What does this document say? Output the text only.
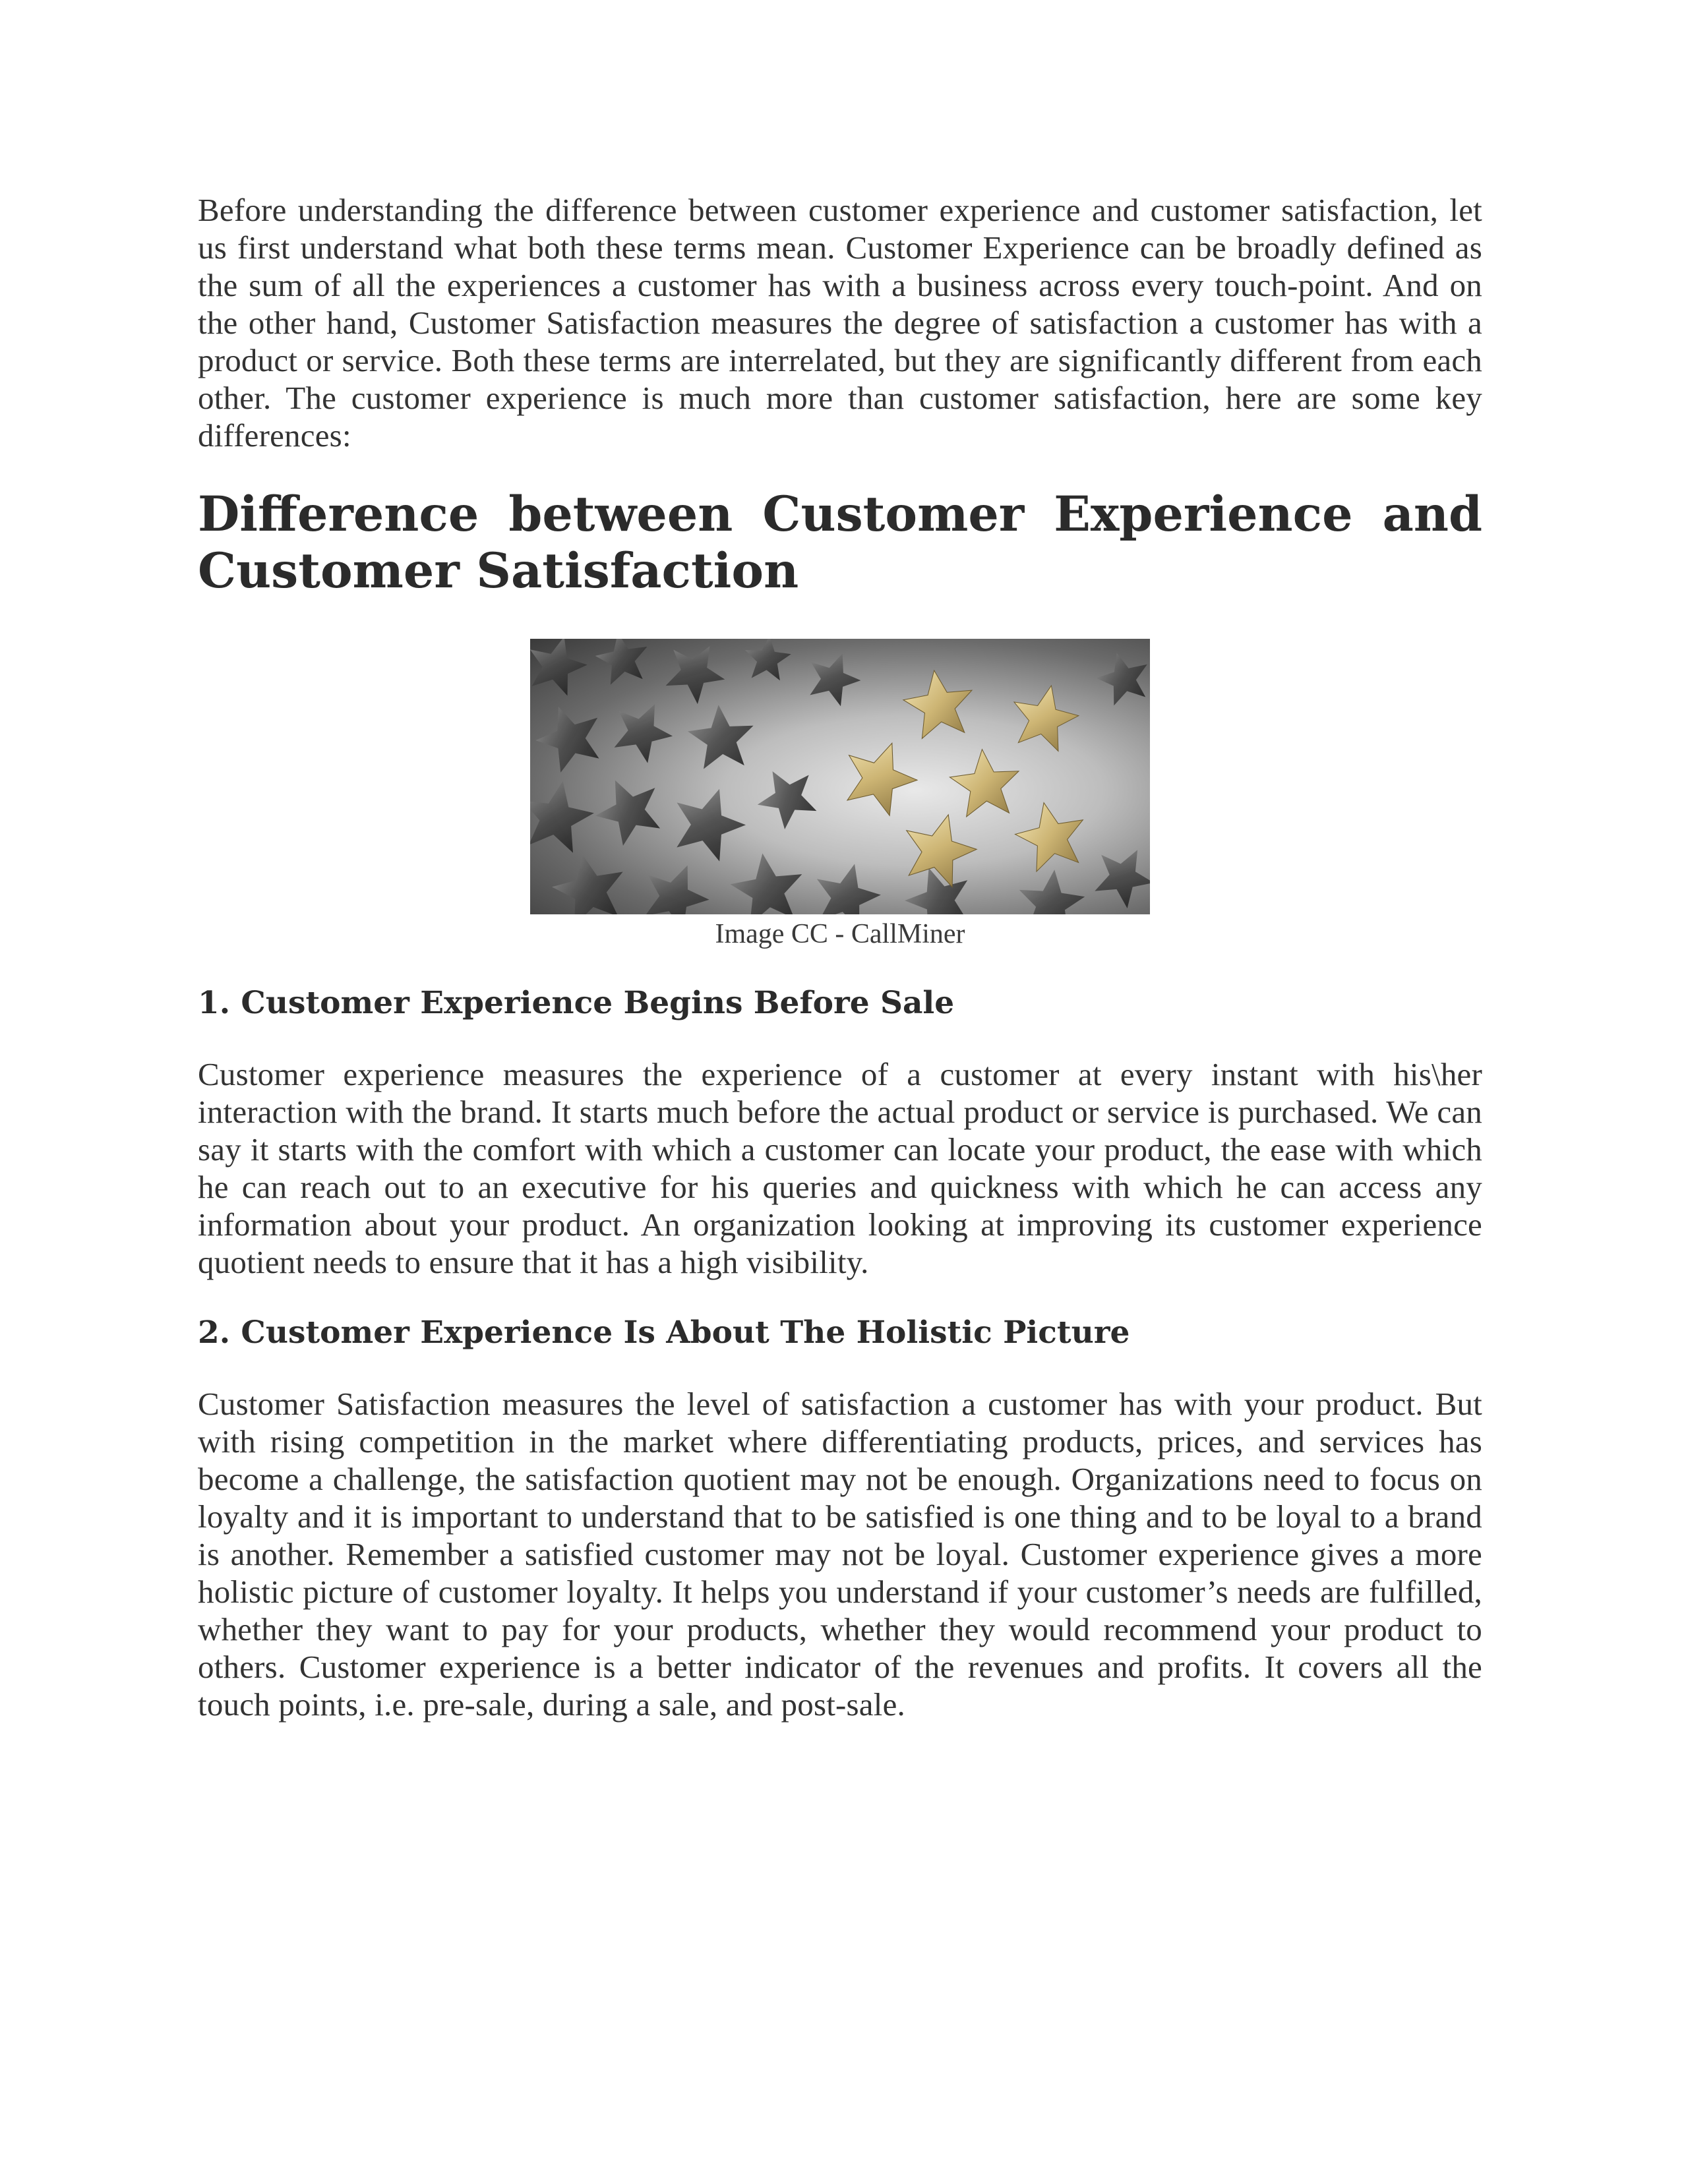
Before understanding the difference between customer experience and customer satisfaction, let us first understand what both these terms mean. Customer Experience can be broadly defined as the sum of all the experiences a customer has with a business across every touch-point. And on the other hand, Customer Satisfaction measures the degree of satisfaction a customer has with a product or service. Both these terms are interrelated, but they are significantly different from each other. The customer experience is much more than customer satisfaction, here are some key differences:

Difference between Customer Experience and
Customer Satisfaction
Image CC - CallMiner
1. Customer Experience Begins Before Sale

Customer experience measures the experience of a customer at every instant with his\her interaction with the brand. It starts much before the actual product or service is purchased. We can say it starts with the comfort with which a customer can locate your product, the ease with which he can reach out to an executive for his queries and quickness with which he can access any information about your product. An organization looking at improving its customer experience quotient needs to ensure that it has a high visibility.

2. Customer Experience Is About The Holistic Picture

Customer Satisfaction measures the level of satisfaction a customer has with your product. But with rising competition in the market where differentiating products, prices, and services has become a challenge, the satisfaction quotient may not be enough. Organizations need to focus on loyalty and it is important to understand that to be satisfied is one thing and to be loyal to a brand is another. Remember a satisfied customer may not be loyal. Customer experience gives a more holistic picture of customer loyalty. It helps you understand if your customer’s needs are fulfilled, whether they want to pay for your products, whether they would recommend your product to others. Customer experience is a better indicator of the revenues and profits. It covers all the touch points, i.e. pre-sale, during a sale, and post-sale.
